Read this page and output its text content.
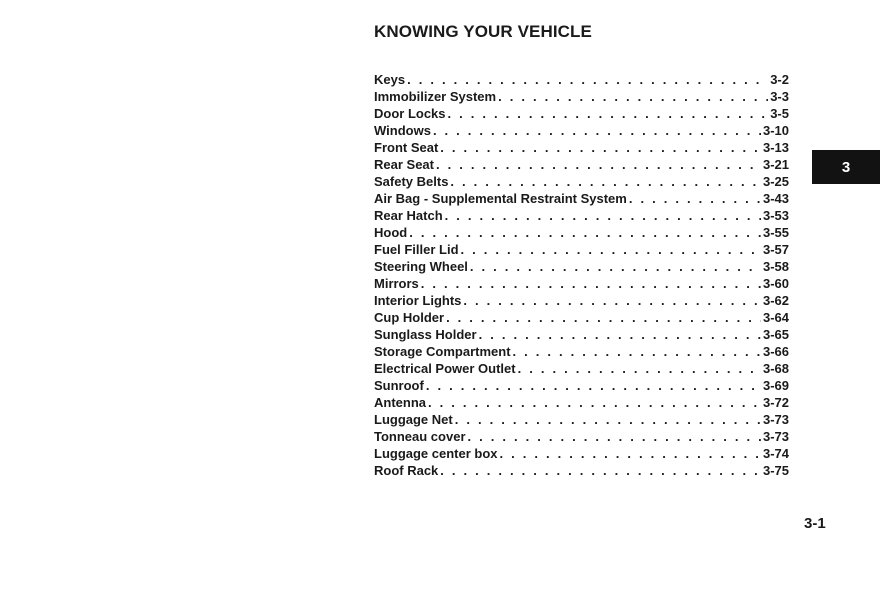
KNOWING YOUR VEHICLE
Keys . . .	3-2
Immobilizer System . . .	3-3
Door Locks . . .	3-5
Windows . . .	3-10
Front Seat . . .	3-13
Rear Seat . . .	3-21
Safety Belts . . .	3-25
Air Bag - Supplemental Restraint System . . .	3-43
Rear Hatch . . .	3-53
Hood . . .	3-55
Fuel Filler Lid . . .	3-57
Steering Wheel . . .	3-58
Mirrors . . .	3-60
Interior Lights . . .	3-62
Cup Holder . . .	3-64
Sunglass Holder . . .	3-65
Storage Compartment . . .	3-66
Electrical Power Outlet . . .	3-68
Sunroof . . .	3-69
Antenna . . .	3-72
Luggage Net . . .	3-73
Tonneau cover . . .	3-73
Luggage center box . . .	3-74
Roof Rack . . .	3-75
3
3-1
